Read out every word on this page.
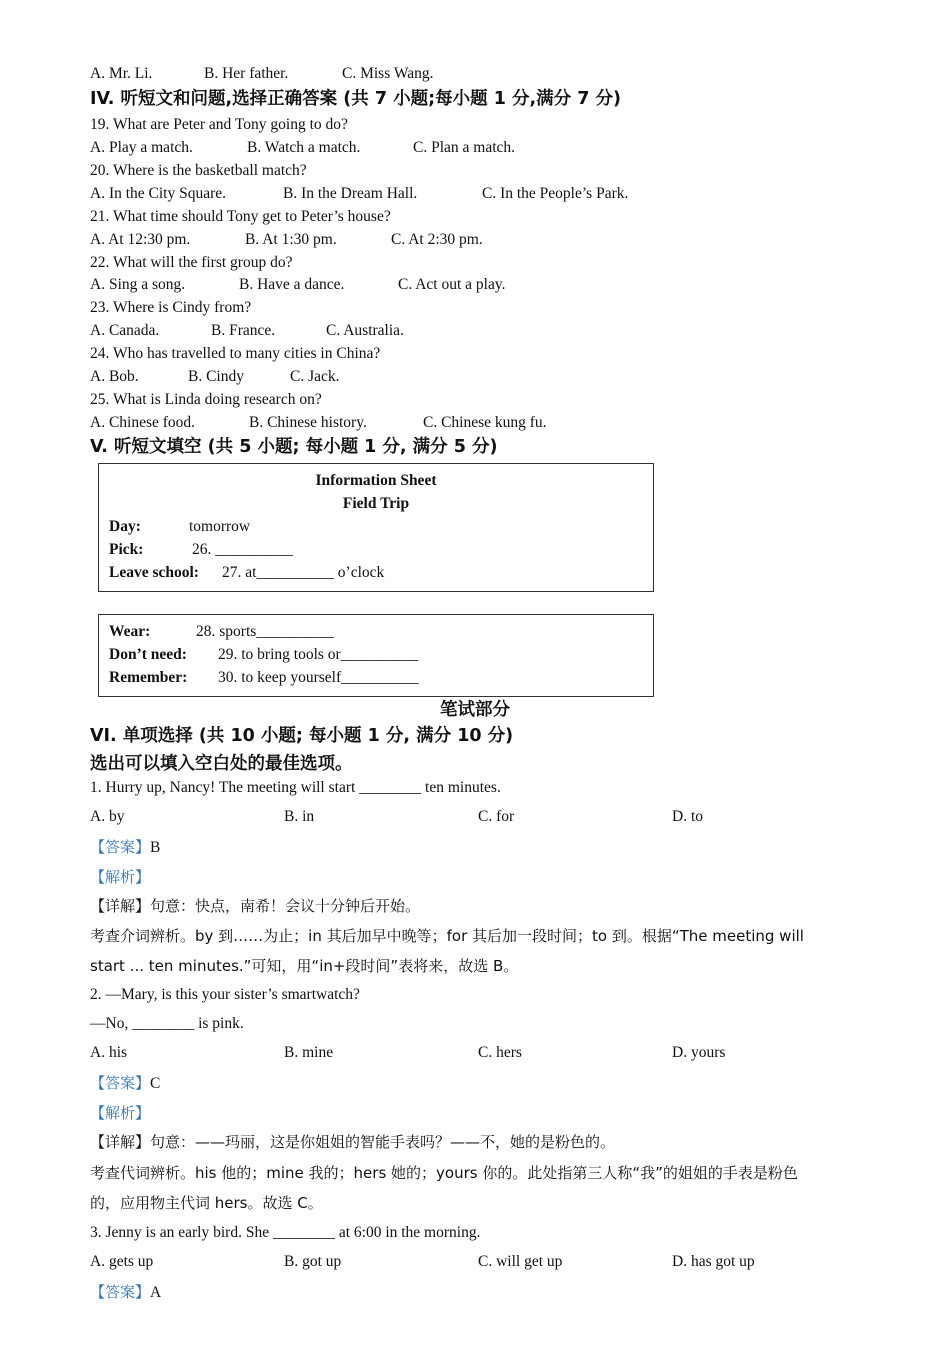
A. Mr. Li.	B. Her father.	C. Miss Wang.
IV. 听短文和问题,选择正确答案 (共 7 小题;每小题 1 分,满分 7 分)
19. What are Peter and Tony going to do?
A. Play a match.	B. Watch a match.	C. Plan a match.
20. Where is the basketball match?
A. In the City Square.	B. In the Dream Hall.	C. In the People’s Park.
21. What time should Tony get to Peter’s house?
A. At 12:30 pm.	B. At 1:30 pm.	C. At 2:30 pm.
22. What will the first group do?
A. Sing a song.	B. Have a dance.	C. Act out a play.
23. Where is Cindy from?
A. Canada.	B. France.	C. Australia.
24. Who has travelled to many cities in China?
A. Bob.	B. Cindy	C. Jack.
25. What is Linda doing research on?
A. Chinese food.	B. Chinese history.	C. Chinese kung fu.
V. 听短文填空 (共 5 小题; 每小题 1 分, 满分 5 分)
Information Sheet
Field Trip
Day:	tomorrow
Pick:	26. __________
Leave school: 27. at__________ o’clock
Wear:	28. sports__________
Don’t need: 29. to bring tools or__________
Remember: 30. to keep yourself__________
笔试部分
VI. 单项选择 (共 10 小题; 每小题 1 分, 满分 10 分)
选出可以填入空白处的最佳选项。
1. Hurry up, Nancy! The meeting will start ________ ten minutes.
A. by	B. in	C. for	D. to
【答案】B
【解析】
【详解】句意：快点，南希！会议十分钟后开始。
考查介词辨析。by 到……为止；in 其后加早中晚等；for 其后加一段时间；to 到。根据“The meeting will
start ... ten minutes.”可知，用“in+段时间”表将来，故选 B。
2. —Mary, is this your sister’s smartwatch?
—No, ________ is pink.
A. his	B. mine	C. hers	D. yours
【答案】C
【解析】
【详解】句意：——玛丽，这是你姐姐的智能手表吗？——不，她的是粉色的。
考查代词辨析。his 他的；mine 我的；hers 她的；yours 你的。此处指第三人称“我”的姐姐的手表是粉色
的，应用物主代词 hers。故选 C。
3. Jenny is an early bird. She ________ at 6:00 in the morning.
A. gets up	B. got up	C. will get up	D. has got up
【答案】A
